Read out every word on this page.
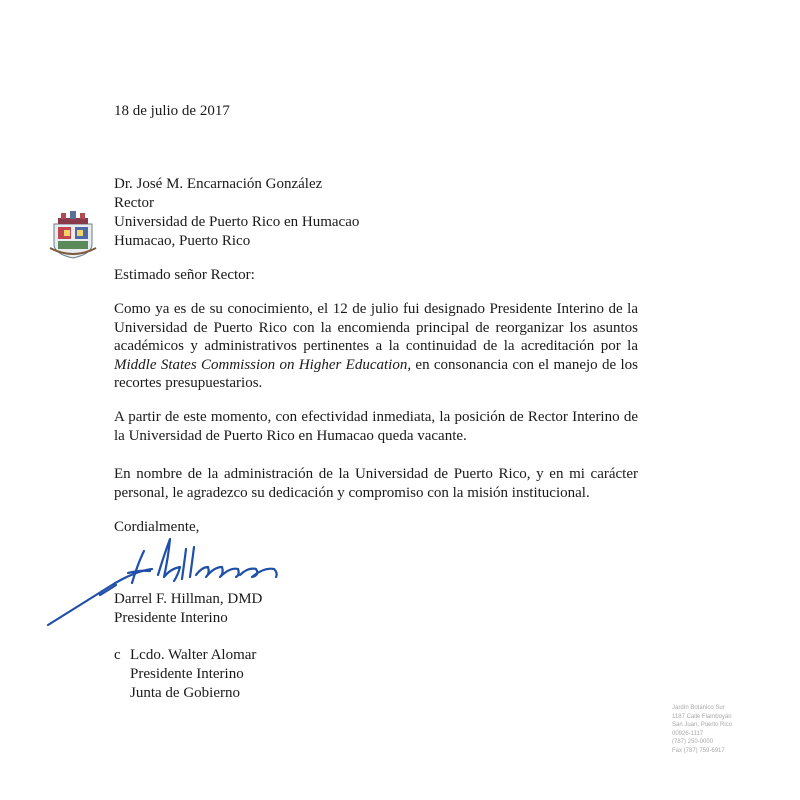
18 de julio de 2017
Dr. José M. Encarnación González
Rector
Universidad de Puerto Rico en Humacao
Humacao, Puerto Rico
Estimado señor Rector:
Como ya es de su conocimiento, el 12 de julio fui designado Presidente Interino de la Universidad de Puerto Rico con la encomienda principal de reorganizar los asuntos académicos y administrativos pertinentes a la continuidad de la acreditación por la Middle States Commission on Higher Education, en consonancia con el manejo de los recortes presupuestarios.
A partir de este momento, con efectividad inmediata, la posición de Rector Interino de la Universidad de Puerto Rico en Humacao queda vacante.
En nombre de la administración de la Universidad de Puerto Rico, y en mi carácter personal, le agradezco su dedicación y compromiso con la misión institucional.
Cordialmente,
Darrel F. Hillman, DMD
Presidente Interino
c Lcdo. Walter Alomar
Presidente Interino
Junta de Gobierno
Jardín Botánico Sur
1187 Calle Flamboyán
San Juan, Puerto Rico
00926-1117
(787) 250-0000
Fax (787) 759-6917
